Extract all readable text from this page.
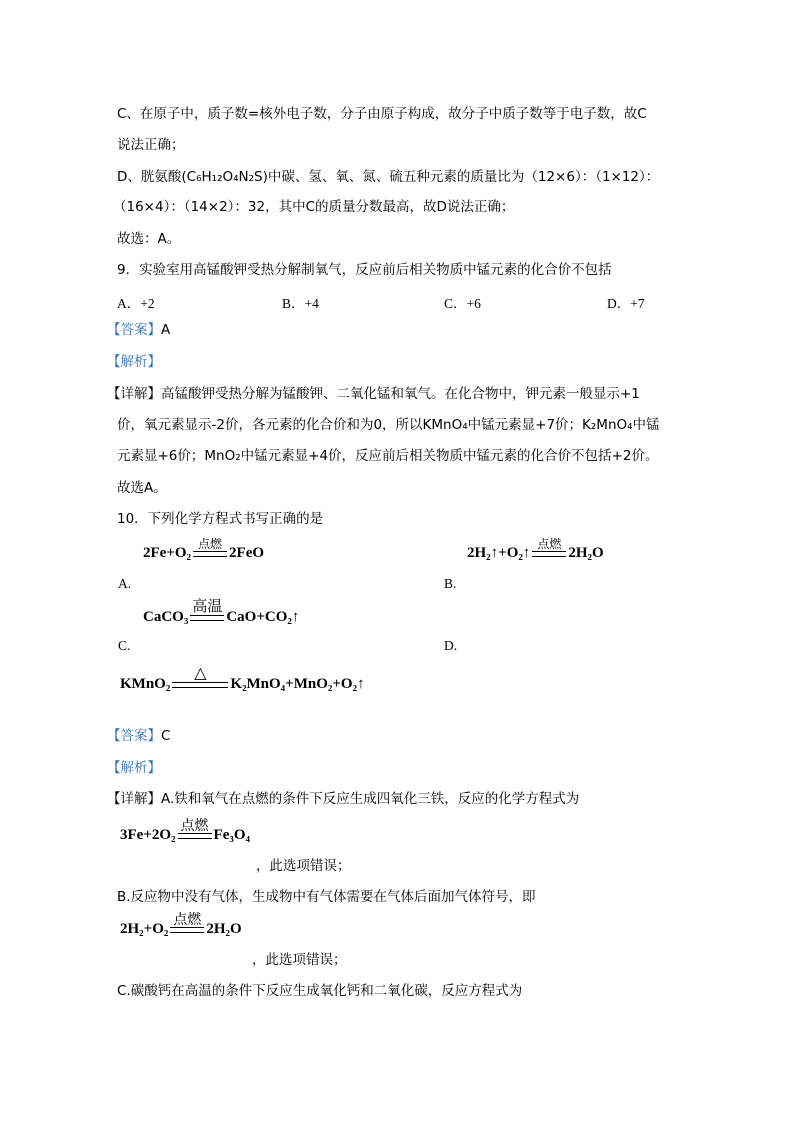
C、在原子中，质子数=核外电子数，分子由原子构成，故分子中质子数等于电子数，故C
说法正确；
D、胱氨酸(C₆H₁₂O₄N₂S)中碳、氢、氧、氮、硫五种元素的质量比为（12×6）：（1×12）：
（16×4）：（14×2）：32，其中C的质量分数最高，故D说法正确；
故选：A。
9．实验室用高锰酸钾受热分解制氧气，反应前后相关物质中锰元素的化合价不包括
A．+2	B．+4	C．+6	D．+7
【答案】A
【解析】
【详解】高锰酸钾受热分解为锰酸钾、二氧化锰和氧气。在化合物中，钾元素一般显示+1
价，氧元素显示-2价，各元素的化合价和为0，所以KMnO₄中锰元素显+7价；K₂MnO₄中锰
元素显+6价；MnO₂中锰元素显+4价，反应前后相关物质中锰元素的化合价不包括+2价。
故选A。
10．下列化学方程式书写正确的是
2Fe+O₂
点燃
2FeO
A.
2H₂↑+O₂↑
点燃
2H₂O
B.
CaCO₃
高温
CaO+CO₂↑
C.	D.
KMnO₂
△
K₂MnO₄+MnO₂+O₂↑
【答案】C
【解析】
【详解】A.铁和氧气在点燃的条件下反应生成四氧化三铁，反应的化学方程式为
3Fe+2O₂
点燃
Fe₃O₄
，此选项错误；
B.反应物中没有气体，生成物中有气体需要在气体后面加气体符号，即
2H₂+O₂
点燃
2H₂O
，此选项错误；
C.碳酸钙在高温的条件下反应生成氧化钙和二氧化碳，反应方程式为
